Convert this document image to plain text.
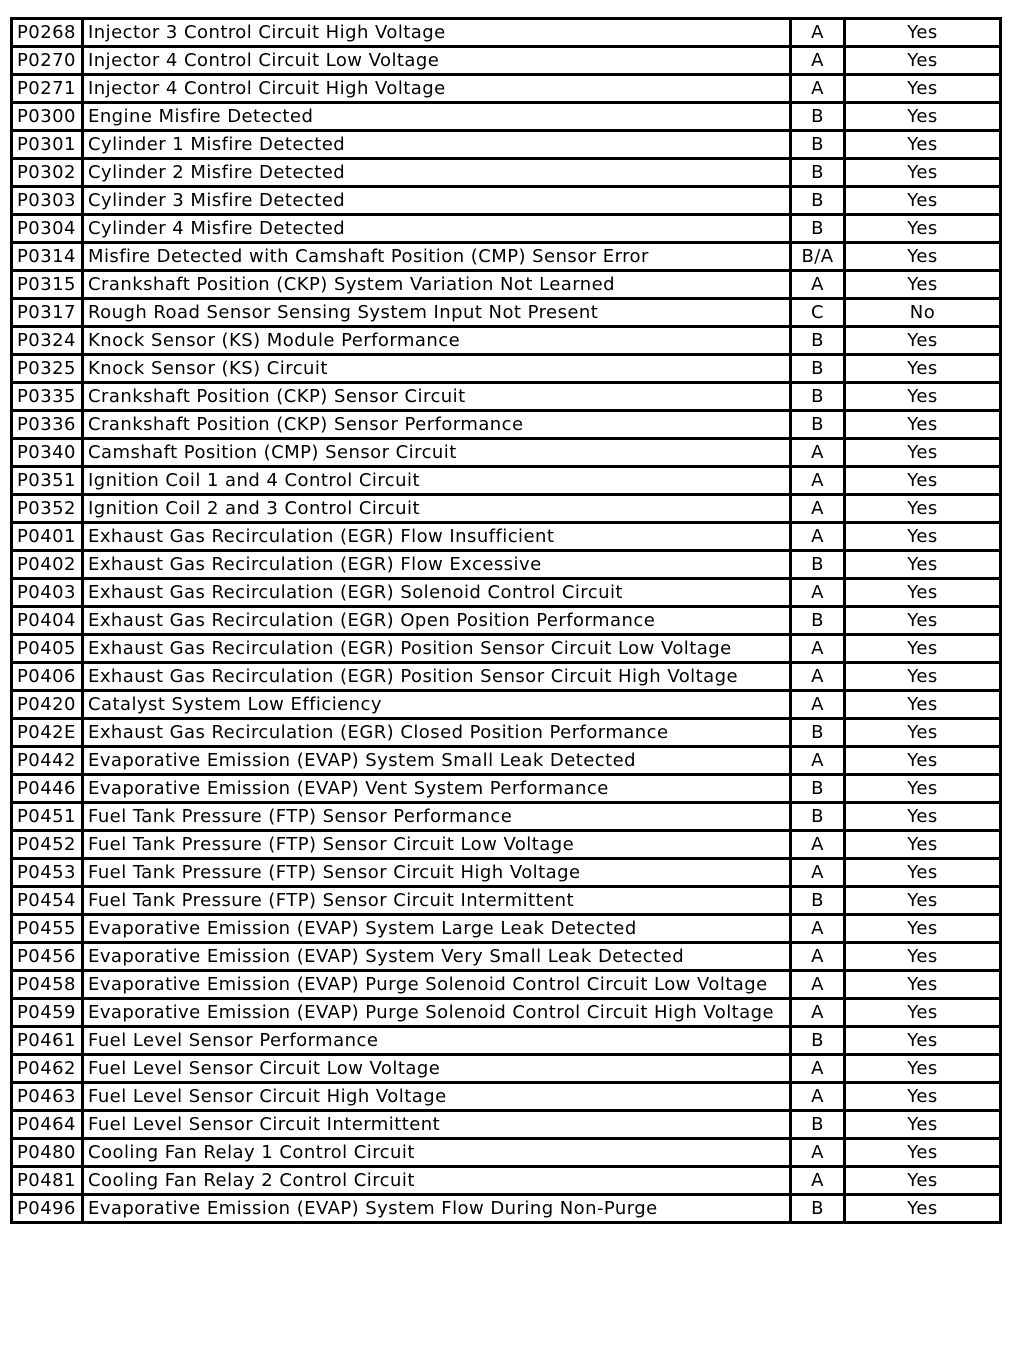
P0268	Injector 3 Control Circuit High Voltage	A	Yes
P0270	Injector 4 Control Circuit Low Voltage	A	Yes
P0271	Injector 4 Control Circuit High Voltage	A	Yes
P0300	Engine Misfire Detected	B	Yes
P0301	Cylinder 1 Misfire Detected	B	Yes
P0302	Cylinder 2 Misfire Detected	B	Yes
P0303	Cylinder 3 Misfire Detected	B	Yes
P0304	Cylinder 4 Misfire Detected	B	Yes
P0314	Misfire Detected with Camshaft Position (CMP) Sensor Error	B/A	Yes
P0315	Crankshaft Position (CKP) System Variation Not Learned	A	Yes
P0317	Rough Road Sensor Sensing System Input Not Present	C	No
P0324	Knock Sensor (KS) Module Performance	B	Yes
P0325	Knock Sensor (KS) Circuit	B	Yes
P0335	Crankshaft Position (CKP) Sensor Circuit	B	Yes
P0336	Crankshaft Position (CKP) Sensor Performance	B	Yes
P0340	Camshaft Position (CMP) Sensor Circuit	A	Yes
P0351	Ignition Coil 1 and 4 Control Circuit	A	Yes
P0352	Ignition Coil 2 and 3 Control Circuit	A	Yes
P0401	Exhaust Gas Recirculation (EGR) Flow Insufficient	A	Yes
P0402	Exhaust Gas Recirculation (EGR) Flow Excessive	B	Yes
P0403	Exhaust Gas Recirculation (EGR) Solenoid Control Circuit	A	Yes
P0404	Exhaust Gas Recirculation (EGR) Open Position Performance	B	Yes
P0405	Exhaust Gas Recirculation (EGR) Position Sensor Circuit Low Voltage	A	Yes
P0406	Exhaust Gas Recirculation (EGR) Position Sensor Circuit High Voltage	A	Yes
P0420	Catalyst System Low Efficiency	A	Yes
P042E	Exhaust Gas Recirculation (EGR) Closed Position Performance	B	Yes
P0442	Evaporative Emission (EVAP) System Small Leak Detected	A	Yes
P0446	Evaporative Emission (EVAP) Vent System Performance	B	Yes
P0451	Fuel Tank Pressure (FTP) Sensor Performance	B	Yes
P0452	Fuel Tank Pressure (FTP) Sensor Circuit Low Voltage	A	Yes
P0453	Fuel Tank Pressure (FTP) Sensor Circuit High Voltage	A	Yes
P0454	Fuel Tank Pressure (FTP) Sensor Circuit Intermittent	B	Yes
P0455	Evaporative Emission (EVAP) System Large Leak Detected	A	Yes
P0456	Evaporative Emission (EVAP) System Very Small Leak Detected	A	Yes
P0458	Evaporative Emission (EVAP) Purge Solenoid Control Circuit Low Voltage	A	Yes
P0459	Evaporative Emission (EVAP) Purge Solenoid Control Circuit High Voltage	A	Yes
P0461	Fuel Level Sensor Performance	B	Yes
P0462	Fuel Level Sensor Circuit Low Voltage	A	Yes
P0463	Fuel Level Sensor Circuit High Voltage	A	Yes
P0464	Fuel Level Sensor Circuit Intermittent	B	Yes
P0480	Cooling Fan Relay 1 Control Circuit	A	Yes
P0481	Cooling Fan Relay 2 Control Circuit	A	Yes
P0496	Evaporative Emission (EVAP) System Flow During Non-Purge	B	Yes
